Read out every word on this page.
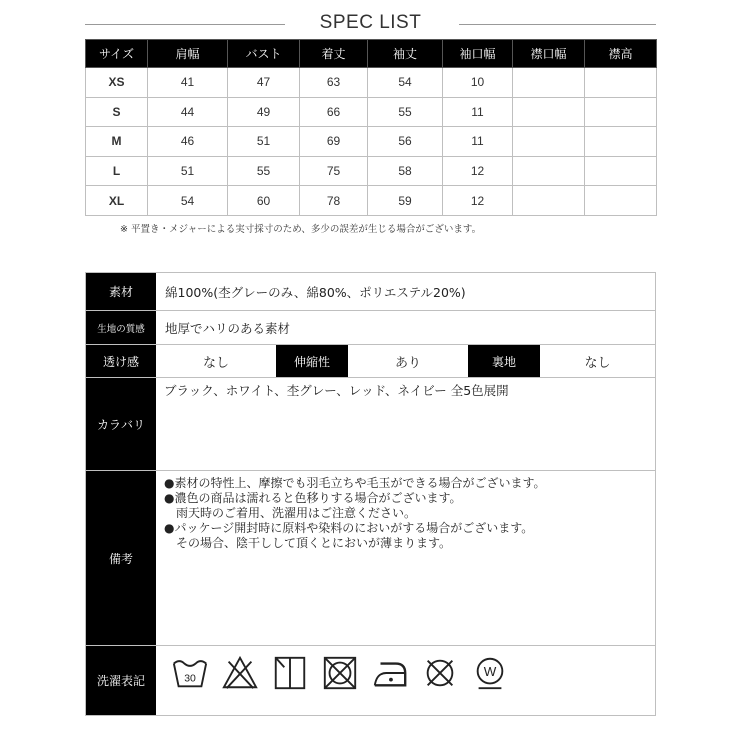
SPEC LIST
サイズ	肩幅	バスト	着丈	袖丈	袖口幅	襟口幅	襟高
XS	41	47	63	54	10		
S	44	49	66	55	11		
M	46	51	69	56	11		
L	51	55	75	58	12		
XL	54	60	78	59	12		
※ 平置き・メジャーによる実寸採寸のため、多少の誤差が生じる場合がございます。
素材	綿100%(杢グレーのみ、綿80%、ポリエステル20%)
生地の質感	地厚でハリのある素材
透け感	なし	伸縮性	あり	裏地	なし
カラバリ
ブラック、ホワイト、杢グレー、レッド、ネイビー 全5色展開
備考
●素材の特性上、摩擦でも羽毛立ちや毛玉ができる場合がございます。
●濃色の商品は濡れると色移りする場合がございます。
　雨天時のご着用、洗濯用はご注意ください。
●パッケージ開封時に原料や染料のにおいがする場合がございます。
　その場合、陰干しして頂くとにおいが薄まります。
洗濯表記	30
W
